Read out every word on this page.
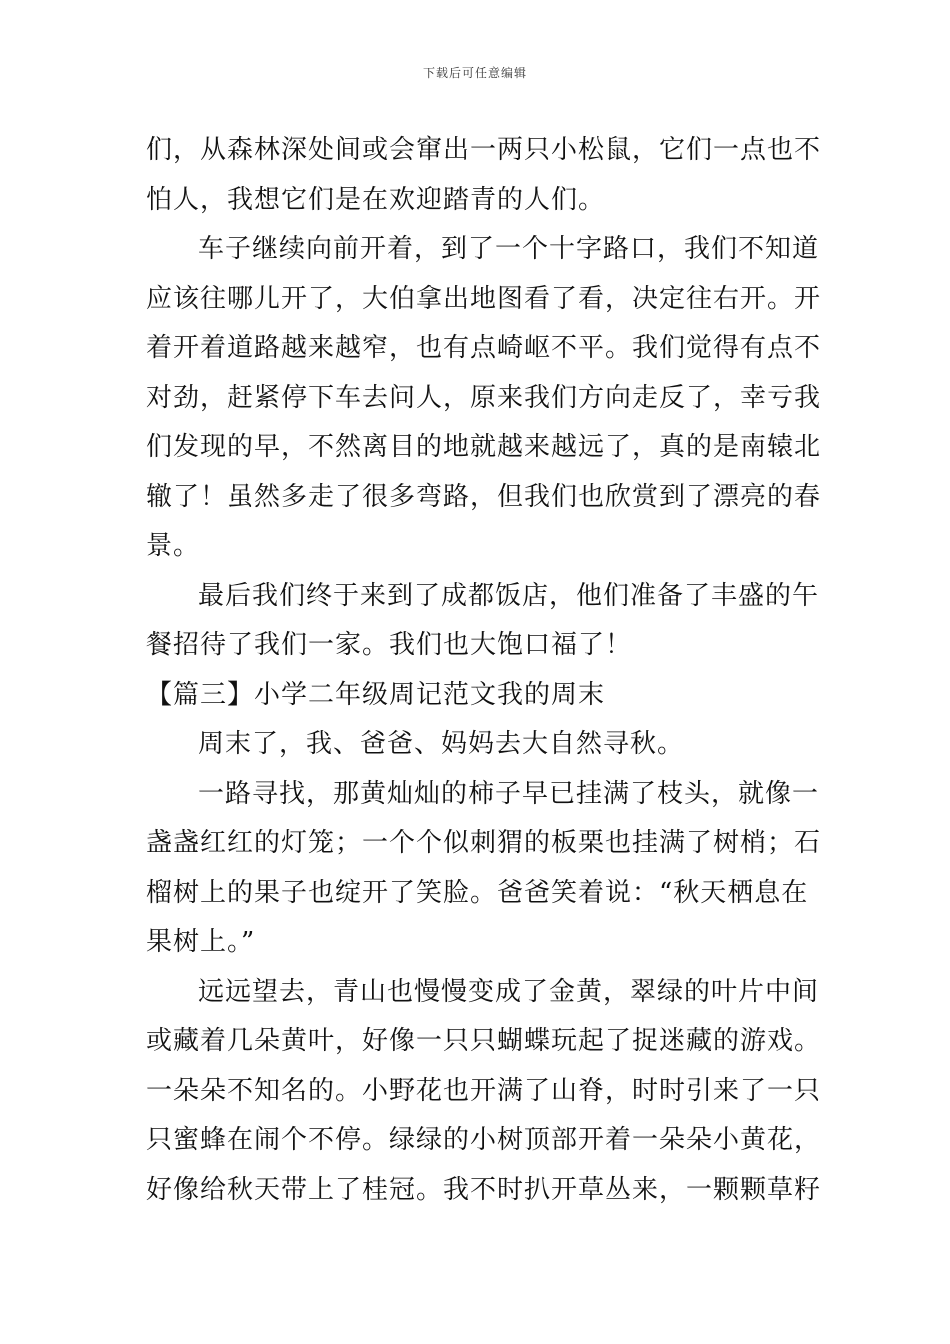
下载后可任意编辑
们，从森林深处间或会窜出一两只小松鼠，它们一点也不
怕人，我想它们是在欢迎踏青的人们。
车子继续向前开着，到了一个十字路口，我们不知道
应该往哪儿开了，大伯拿出地图看了看，决定往右开。开
着开着道路越来越窄，也有点崎岖不平。我们觉得有点不
对劲，赶紧停下车去问人，原来我们方向走反了，幸亏我
们发现的早，不然离目的地就越来越远了，真的是南辕北
辙了！虽然多走了很多弯路，但我们也欣赏到了漂亮的春
景。
最后我们终于来到了成都饭店，他们准备了丰盛的午
餐招待了我们一家。我们也大饱口福了！
【篇三】小学二年级周记范文我的周末
周末了，我、爸爸、妈妈去大自然寻秋。
一路寻找，那黄灿灿的柿子早已挂满了枝头，就像一
盏盏红红的灯笼；一个个似刺猬的板栗也挂满了树梢；石
榴树上的果子也绽开了笑脸。爸爸笑着说：“秋天栖息在
果树上。”
远远望去，青山也慢慢变成了金黄，翠绿的叶片中间
或藏着几朵黄叶，好像一只只蝴蝶玩起了捉迷藏的游戏。
一朵朵不知名的。小野花也开满了山脊，时时引来了一只
只蜜蜂在闹个不停。绿绿的小树顶部开着一朵朵小黄花，
好像给秋天带上了桂冠。我不时扒开草丛来，一颗颗草籽
